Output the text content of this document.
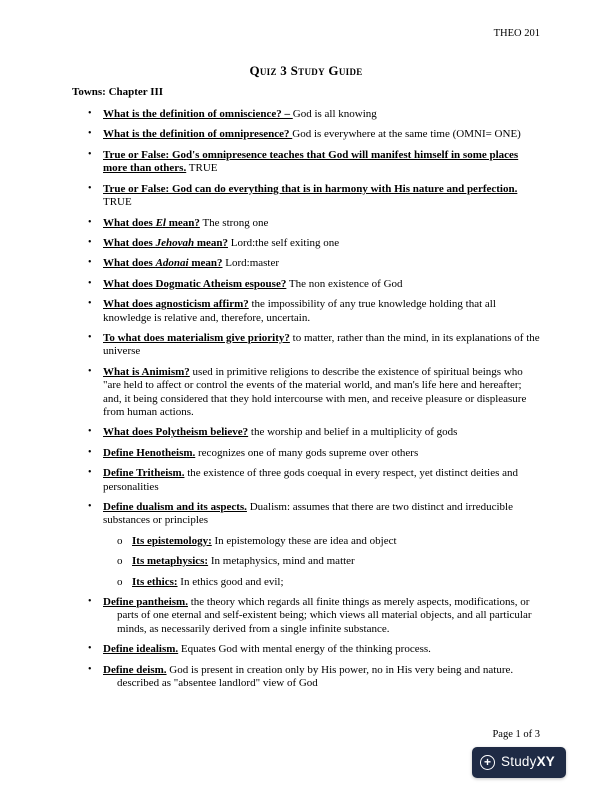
THEO 201
Quiz 3 Study Guide
Towns: Chapter III
•	What is the definition of omniscience? – God is all knowing
•	What is the definition of omnipresence? God is everywhere at the same time (OMNI= ONE)
•	True or False: God's omnipresence teaches that God will manifest himself in some places more than others. TRUE
•	True or False: God can do everything that is in harmony with His nature and perfection. TRUE
•	What does El mean? The strong one
•	What does Jehovah mean? Lord:the self exiting one
•	What does Adonai mean? Lord:master
•	What does Dogmatic Atheism espouse? The non existence of God
•	What does agnosticism affirm? the impossibility of any true knowledge holding that all knowledge is relative and, therefore, uncertain.
•	To what does materialism give priority? to matter, rather than the mind, in its explanations of the universe
•	What is Animism? used in primitive religions to describe the existence of spiritual beings who "are held to affect or control the events of the material world, and man's life here and hereafter; and, it being considered that they hold intercourse with men, and receive pleasure or displeasure from human actions.
•	What does Polytheism believe? the worship and belief in a multiplicity of gods
•	Define Henotheism. recognizes one of many gods supreme over others
•	Define Tritheism. the existence of three gods coequal in every respect, yet distinct deities and personalities
•	Define dualism and its aspects. Dualism: assumes that there are two distinct and irreducible substances or principles
o Its epistemology: In epistemology these are idea and object
o Its metaphysics: In metaphysics, mind and matter
o Its ethics: In ethics good and evil;
•	Define pantheism. the theory which regards all finite things as merely aspects, modifications, or parts of one eternal and self-existent being; which views all material objects, and all particular minds, as necessarily derived from a single infinite substance.
•	Define idealism. Equates God with mental energy of the thinking process.
•	Define deism. God is present in creation only by His power, no in His very being and nature. described as "absentee landlord" view of God
Page 1 of 3
+ StudyXY
